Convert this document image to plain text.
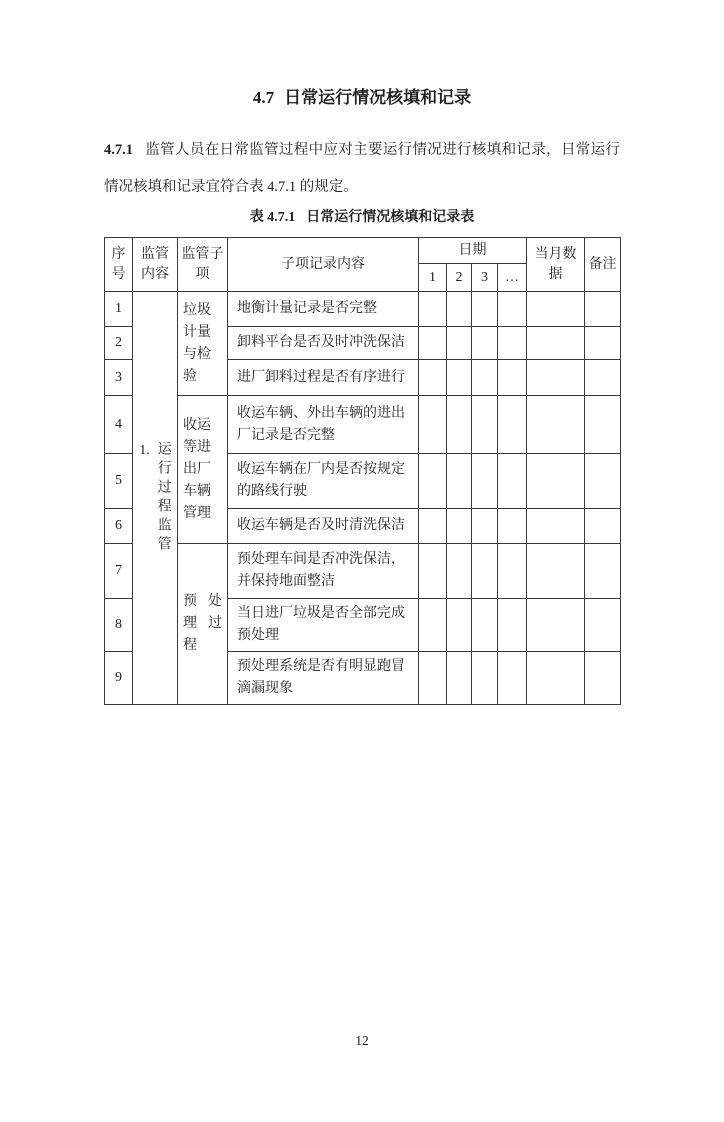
4.7 日常运行情况核填和记录

4.7.1 监管人员在日常监管过程中应对主要运行情况进行核填和记录，日常运行情况核填和记录宜符合表 4.7.1 的规定。

表 4.7.1 日常运行情况核填和记录表
序号	监管内容	监管子项	子项记录内容	日期				当月数据	备注
				1	2	3	…		
1	1. 运行过程监管	垃圾计量与检验	地衡计量记录是否完整						
2			卸料平台是否及时冲洗保洁						
3			进厂卸料过程是否有序进行						
4		收运等进出厂车辆管理	收运车辆、外出车辆的进出厂记录是否完整						
5			收运车辆在厂内是否按规定的路线行驶						
6			收运车辆是否及时清洗保洁						
7		预处理过程	预处理车间是否冲洗保洁，并保持地面整洁						
8			当日进厂垃圾是否全部完成预处理						
9			预处理系统是否有明显跑冒滴漏现象						
12
